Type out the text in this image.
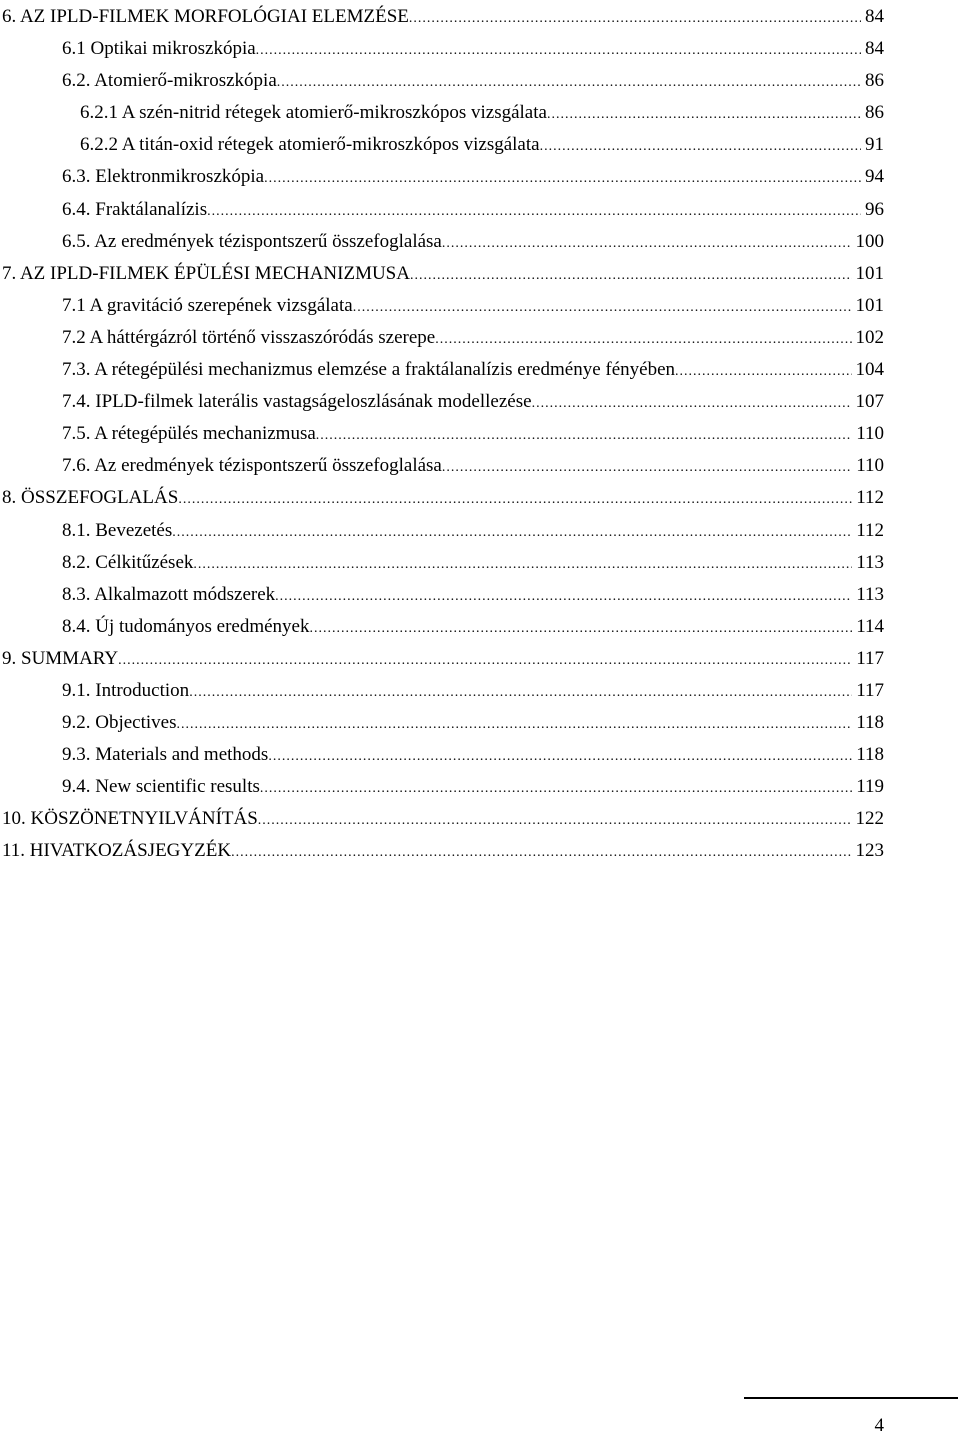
6. AZ IPLD-FILMEK MORFOLÓGIAI ELEMZÉSE .....	84
6.1 Optikai mikroszkópia .....	84
6.2. Atomierő-mikroszkópia .....	86
6.2.1 A szén-nitrid rétegek atomierő-mikroszkópos vizsgálata .....	86
6.2.2 A titán-oxid rétegek atomierő-mikroszkópos vizsgálata .....	91
6.3. Elektronmikroszkópia .....	94
6.4. Fraktálanalízis .....	96
6.5. Az eredmények tézispontszerű összefoglalása .....	100
7. AZ IPLD-FILMEK ÉPÜLÉSI MECHANIZMUSA .....	101
7.1 A gravitáció szerepének vizsgálata .....	101
7.2 A háttérgázról történő visszaszóródás szerepe .....	102
7.3. A rétegépülési mechanizmus elemzése a fraktálanalízis eredménye fényében .....	104
7.4. IPLD-filmek laterális vastagságeloszlásának modellezése .....	107
7.5. A rétegépülés mechanizmusa .....	110
7.6. Az eredmények tézispontszerű összefoglalása .....	110
8. ÖSSZEFOGLALÁS .....	112
8.1. Bevezetés .....	112
8.2. Célkitűzések .....	113
8.3. Alkalmazott módszerek .....	113
8.4. Új tudományos eredmények .....	114
9. SUMMARY .....	117
9.1. Introduction .....	117
9.2. Objectives .....	118
9.3. Materials and methods .....	118
9.4. New scientific results .....	119
10. KÖSZÖNETNYILVÁNÍTÁS .....	122
11. HIVATKOZÁSJEGYZÉK .....	123
4
